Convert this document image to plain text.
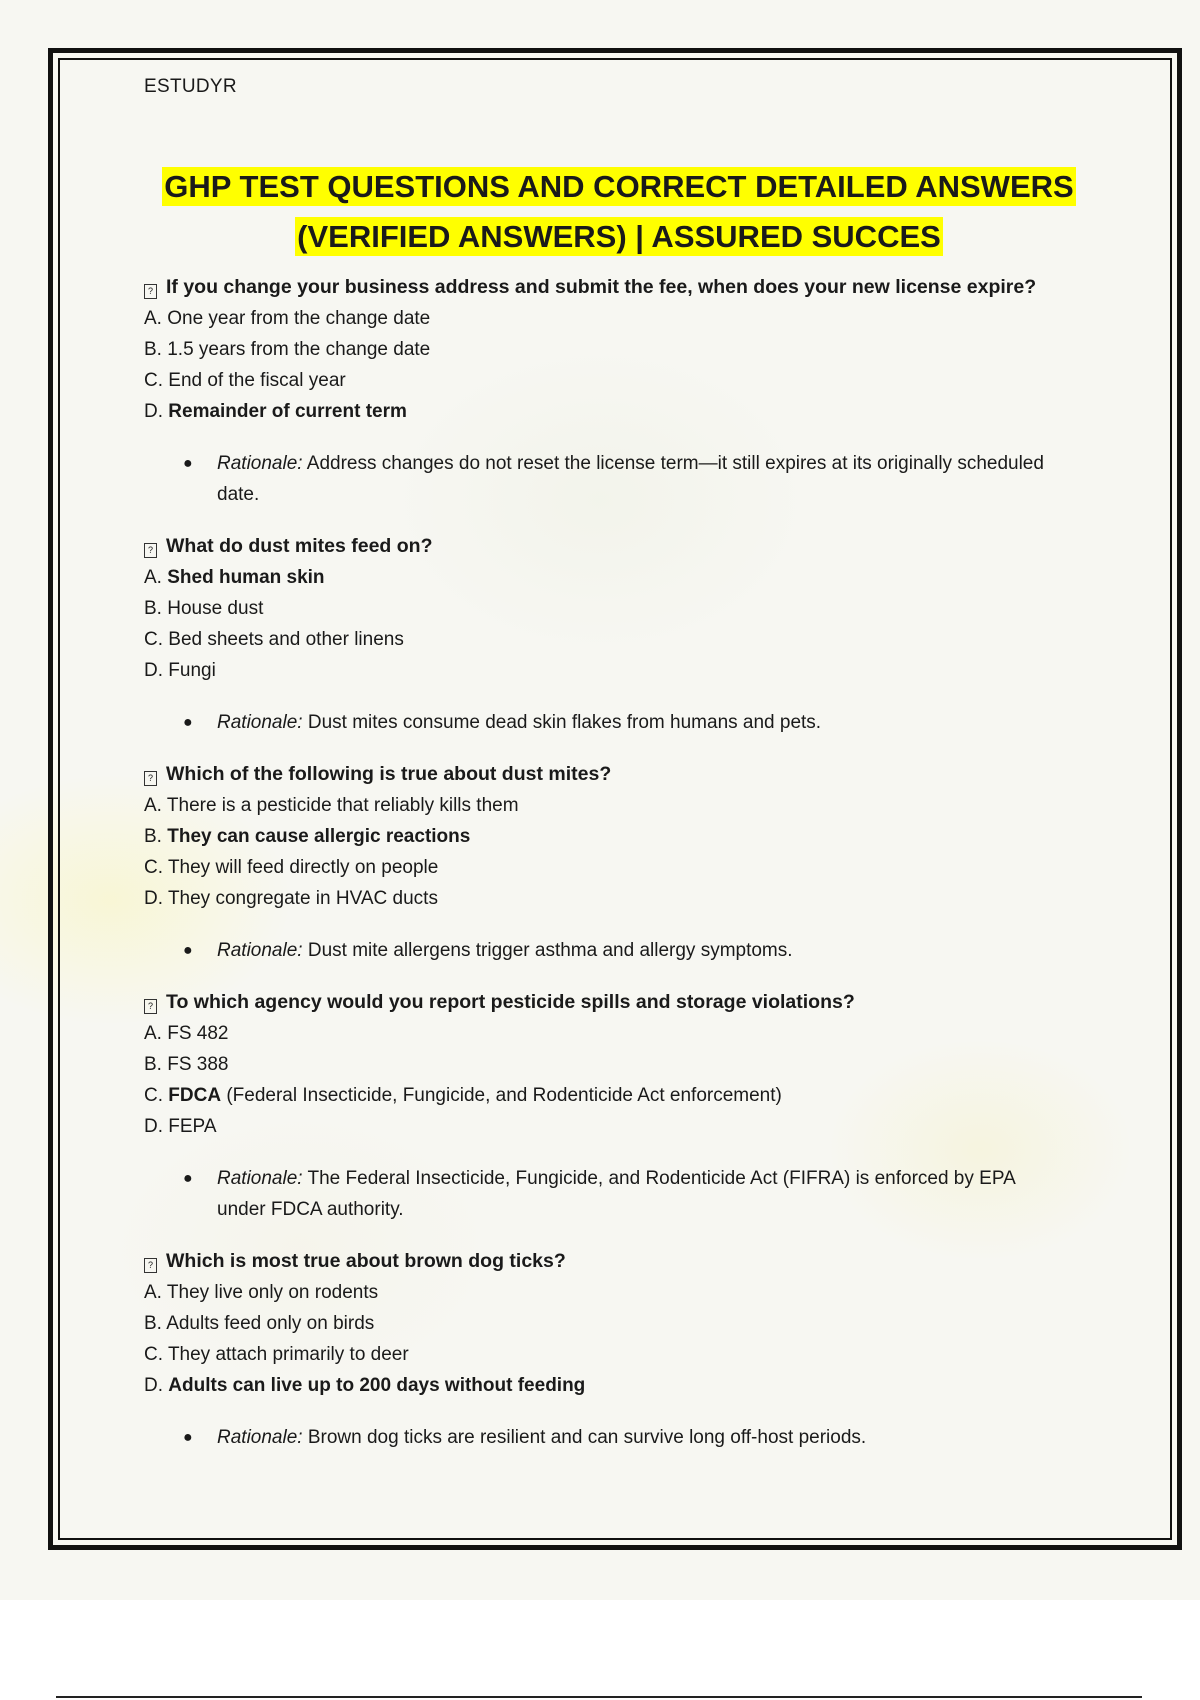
ESTUDYR

GHP TEST QUESTIONS AND CORRECT DETAILED ANSWERS
(VERIFIED ANSWERS) | ASSURED SUCCES

? If you change your business address and submit the fee, when does your new license expire?

A. One year from the change date

B. 1.5 years from the change date

C. End of the fiscal year

D. Remainder of current term

● Rationale: Address changes do not reset the license term—it still expires at its originally scheduled date.

? What do dust mites feed on?

A. Shed human skin

B. House dust

C. Bed sheets and other linens

D. Fungi

● Rationale: Dust mites consume dead skin flakes from humans and pets.

? Which of the following is true about dust mites?

A. There is a pesticide that reliably kills them

B. They can cause allergic reactions

C. They will feed directly on people

D. They congregate in HVAC ducts

● Rationale: Dust mite allergens trigger asthma and allergy symptoms.

? To which agency would you report pesticide spills and storage violations?

A. FS 482

B. FS 388

C. FDCA (Federal Insecticide, Fungicide, and Rodenticide Act enforcement)

D. FEPA

● Rationale: The Federal Insecticide, Fungicide, and Rodenticide Act (FIFRA) is enforced by EPA under FDCA authority.

? Which is most true about brown dog ticks?

A. They live only on rodents

B. Adults feed only on birds

C. They attach primarily to deer

D. Adults can live up to 200 days without feeding

● Rationale: Brown dog ticks are resilient and can survive long off-host periods.
